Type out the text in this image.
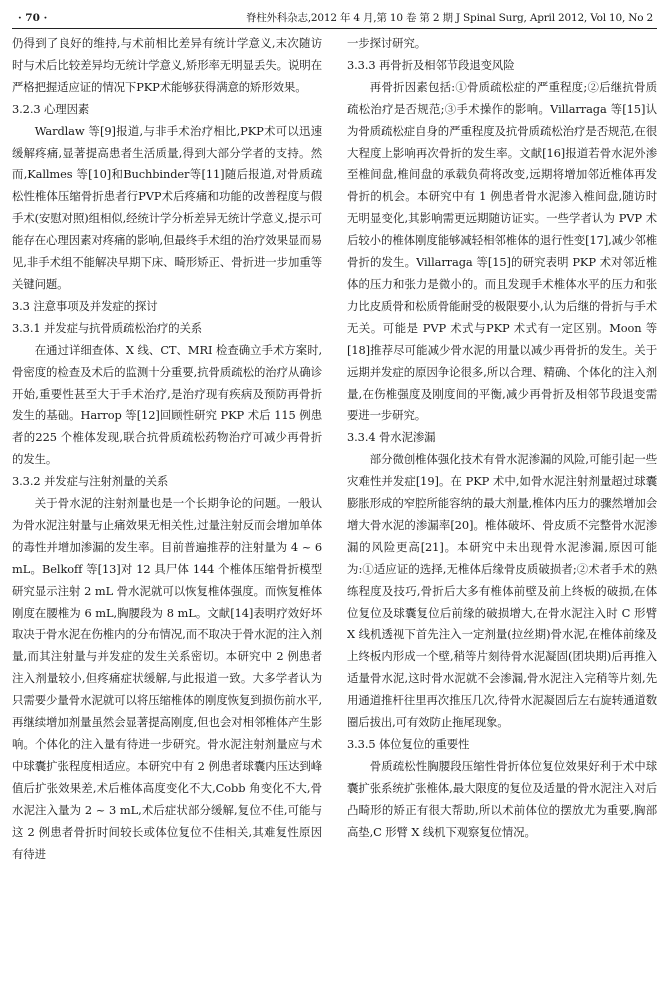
· 70 ·	脊柱外科杂志,2012 年 4 月,第 10 卷 第 2 期 J Spinal Surg, April 2012, Vol 10, No 2

仍得到了良好的维持,与术前相比差异有统计学意义,末次随访时与术后比较差异均无统计学意义,矫形率无明显丢失。说明在严格把握适应证的情况下PKP术能够获得满意的矫形效果。

3.2.3 心理因素

Wardlaw 等[9]报道,与非手术治疗相比,PKP术可以迅速缓解疼痛,显著提高患者生活质量,得到大部分学者的支持。然而,Kallmes 等[10]和Buchbinder等[11]随后报道,对骨质疏松性椎体压缩骨折患者行PVP术后疼痛和功能的改善程度与假手术(安慰对照)组相似,经统计学分析差异无统计学意义,提示可能存在心理因素对疼痛的影响,但最终手术组的治疗效果显而易见,非手术组不能解决早期下床、畸形矫正、骨折进一步加重等关键问题。

3.3 注意事项及并发症的探讨
3.3.1 并发症与抗骨质疏松治疗的关系

在通过详细查体、X 线、CT、MRI 检查确立手术方案时,骨密度的检查及术后的监测十分重要,抗骨质疏松的治疗从确诊开始,重要性甚至大于手术治疗,是治疗现有疾病及预防再骨折发生的基础。Harrop 等[12]回顾性研究 PKP 术后 115 例患者的225 个椎体发现,联合抗骨质疏松药物治疗可减少再骨折的发生。

3.3.2 并发症与注射剂量的关系

关于骨水泥的注射剂量也是一个长期争论的问题。一般认为骨水泥注射量与止痛效果无相关性,过量注射反而会增加单体的毒性并增加渗漏的发生率。目前普遍推荐的注射量为 4 ~ 6 mL。Belkoff 等[13]对 12 具尸体 144 个椎体压缩骨折模型研究显示注射 2 mL 骨水泥就可以恢复椎体强度。而恢复椎体刚度在腰椎为 6 mL,胸腰段为 8 mL。文献[14]表明疗效好坏取决于骨水泥在伤椎内的分布情况,而不取决于骨水泥的注入剂量,而其注射量与并发症的发生关系密切。本研究中 2 例患者注入剂量较小,但疼痛症状缓解,与此报道一致。大多学者认为只需要少量骨水泥就可以将压缩椎体的刚度恢复到损伤前水平,再继续增加剂量虽然会显著提高刚度,但也会对相邻椎体产生影响。个体化的注入量有待进一步研究。骨水泥注射剂量应与术中球囊扩张程度相适应。本研究中有 2 例患者球囊内压达到峰值后扩张效果差,术后椎体高度变化不大,Cobb 角变化不大,骨水泥注入量为 2 ~ 3 mL,术后症状部分缓解,复位不佳,可能与这 2 例患者骨折时间较长或体位复位不佳相关,其难复性原因有待进

一步探讨研究。

3.3.3 再骨折及相邻节段退变风险

再骨折因素包括:①骨质疏松症的严重程度;②后继抗骨质疏松治疗是否规范;③手术操作的影响。Villarraga 等[15]认为骨质疏松症自身的严重程度及抗骨质疏松治疗是否规范,在很大程度上影响再次骨折的发生率。文献[16]报道若骨水泥外渗至椎间盘,椎间盘的承载负荷将改变,远期将增加邻近椎体再发骨折的机会。本研究中有 1 例患者骨水泥渗入椎间盘,随访时无明显变化,其影响需更远期随访证实。一些学者认为 PVP 术后较小的椎体刚度能够减轻相邻椎体的退行性变[17],减少邻椎骨折的发生。Villarraga 等[15]的研究表明 PKP 术对邻近椎体的压力和张力是微小的。而且发现手术椎体水平的压力和张力比皮质骨和松质骨能耐受的极限要小,认为后继的骨折与手术无关。可能是 PVP 术式与PKP 术式有一定区别。Moon 等[18]推荐尽可能减少骨水泥的用量以减少再骨折的发生。关于远期并发症的原因争论很多,所以合理、精确、个体化的注入剂量,在伤椎强度及刚度间的平衡,减少再骨折及相邻节段退变需要进一步研究。

3.3.4 骨水泥渗漏

部分微创椎体强化技术有骨水泥渗漏的风险,可能引起一些灾难性并发症[19]。在 PKP 术中,如骨水泥注射剂量超过球囊膨胀形成的窄腔所能容纳的最大剂量,椎体内压力的骤然增加会增大骨水泥的渗漏率[20]。椎体破坏、骨皮质不完整骨水泥渗漏的风险更高[21]。本研究中未出现骨水泥渗漏,原因可能为:①适应证的选择,无椎体后缘骨皮质破损者;②术者手术的熟练程度及技巧,骨折后大多有椎体前壁及前上终板的破损,在体位复位及球囊复位后前缘的破损增大,在骨水泥注入时 C 形臂 X 线机透视下首先注入一定剂量(拉丝期)骨水泥,在椎体前缘及上终板内形成一个壁,稍等片刻待骨水泥凝固(团块期)后再推入适量骨水泥,这时骨水泥就不会渗漏,骨水泥注入完稍等片刻,先用通道推杆往里再次推压几次,待骨水泥凝固后左右旋转通道数圈后拔出,可有效防止拖尾现象。

3.3.5 体位复位的重要性

骨质疏松性胸腰段压缩性骨折体位复位效果好利于术中球囊扩张系统扩张椎体,最大限度的复位及适量的骨水泥注入对后凸畸形的矫正有很大帮助,所以术前体位的摆放尤为重要,胸部高垫,C 形臂 X 线机下观察复位情况。
